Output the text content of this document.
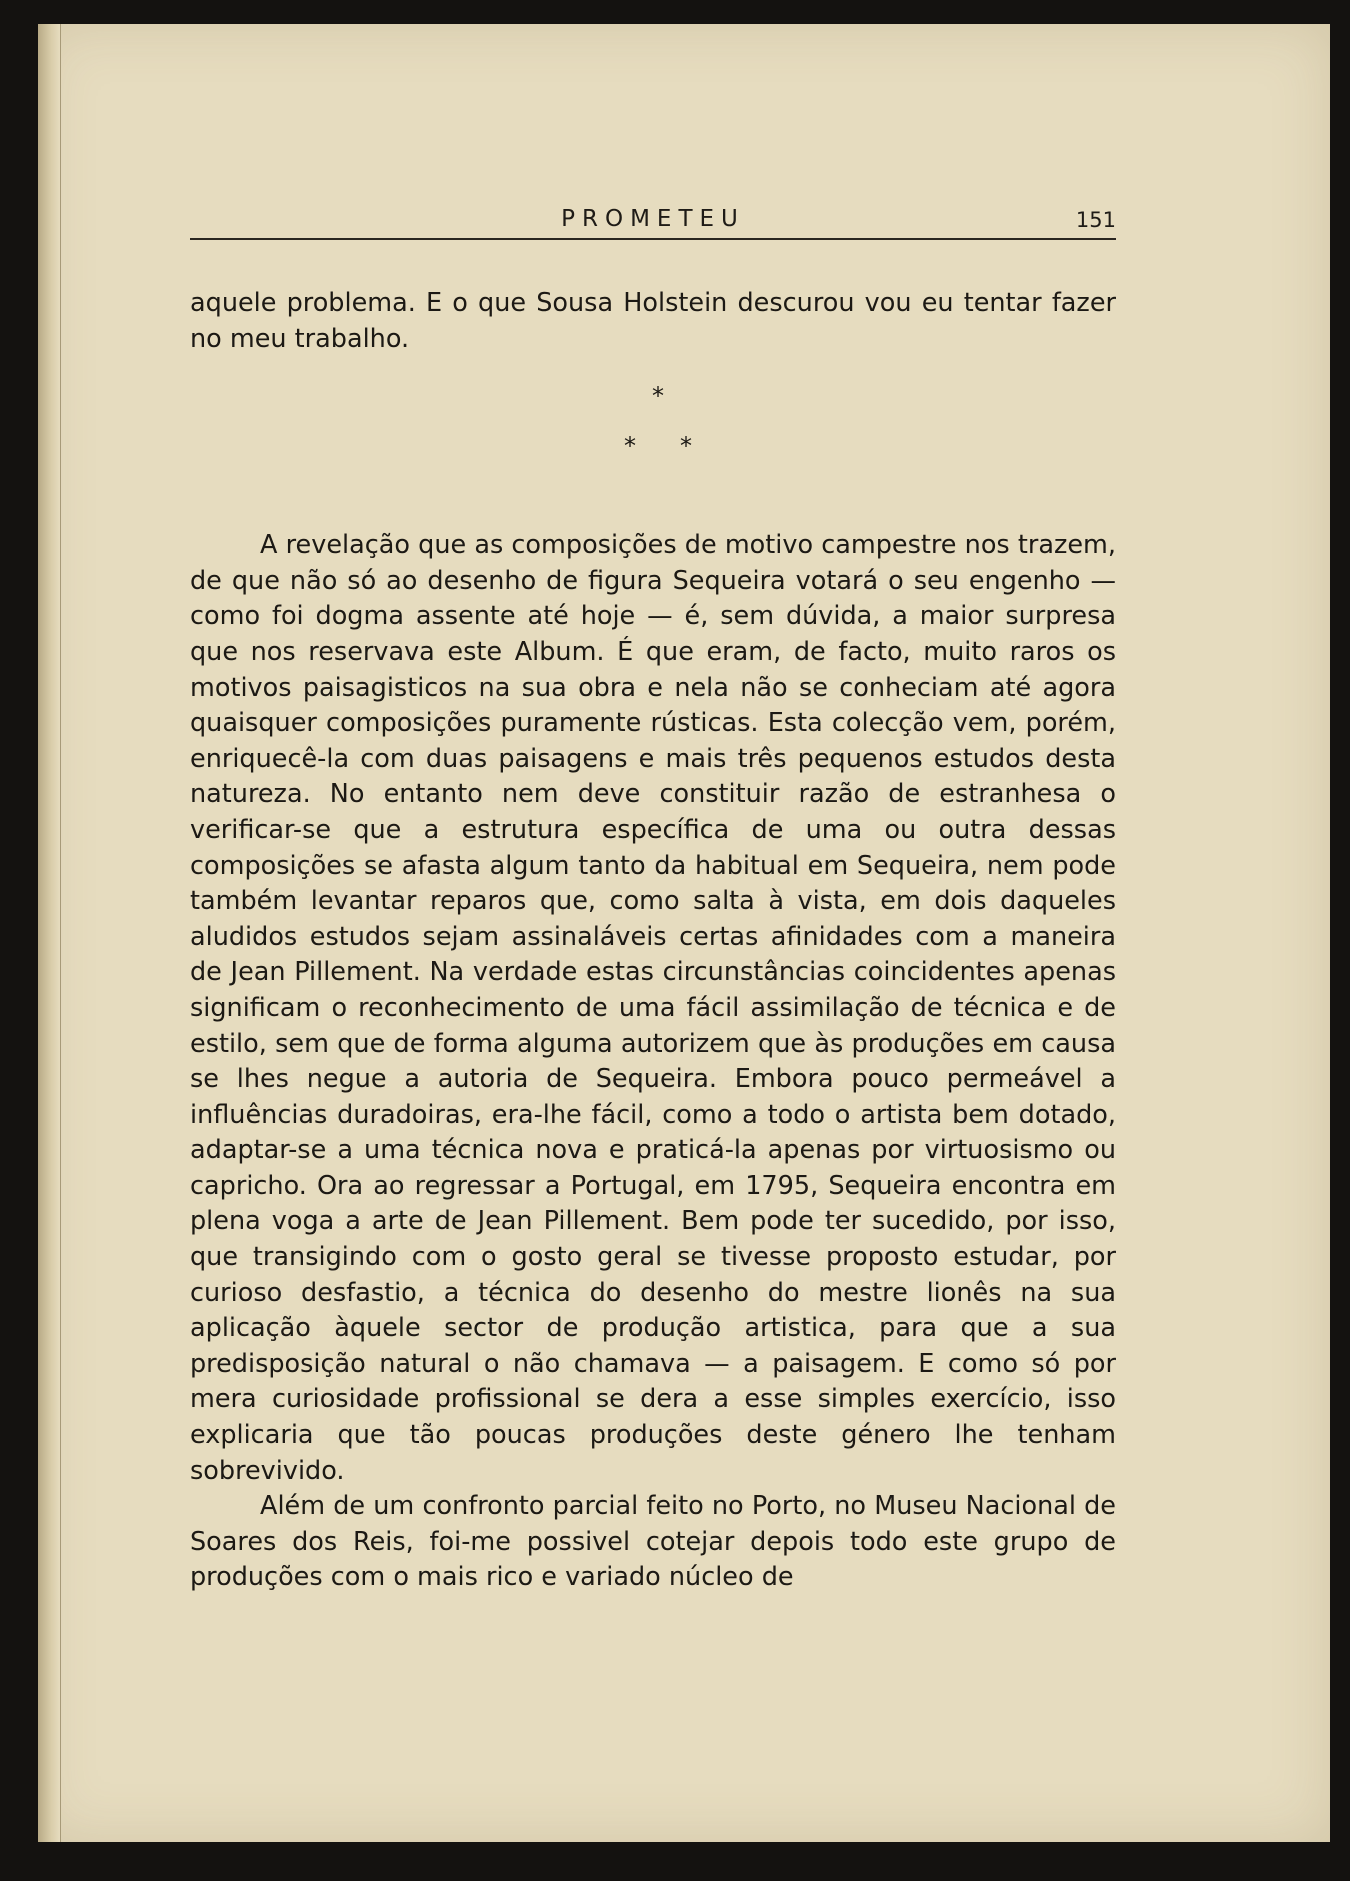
PROMETEU	151

aquele problema. E o que Sousa Holstein descurou vou eu tentar fazer no meu trabalho.

*
* *

A revelação que as composições de motivo campestre nos trazem, de que não só ao desenho de figura Sequeira votará o seu engenho — como foi dogma assente até hoje — é, sem dúvida, a maior surpresa que nos reservava este Album. É que eram, de facto, muito raros os motivos paisagisticos na sua obra e nela não se conheciam até agora quaisquer composições puramente rústicas. Esta colecção vem, porém, enriquecê-la com duas paisagens e mais três pequenos estudos desta natureza. No entanto nem deve constituir razão de estranhesa o verificar-se que a estrutura específica de uma ou outra dessas composições se afasta algum tanto da habitual em Sequeira, nem pode também levantar reparos que, como salta à vista, em dois daqueles aludidos estudos sejam assinaláveis certas afinidades com a maneira de Jean Pillement. Na verdade estas circunstâncias coincidentes apenas significam o reconhecimento de uma fácil assimilação de técnica e de estilo, sem que de forma alguma autorizem que às produções em causa se lhes negue a autoria de Sequeira. Embora pouco permeável a influências duradoiras, era-lhe fácil, como a todo o artista bem dotado, adaptar-se a uma técnica nova e praticá-la apenas por virtuosismo ou capricho. Ora ao regressar a Portugal, em 1795, Sequeira encontra em plena voga a arte de Jean Pillement. Bem pode ter sucedido, por isso, que transigindo com o gosto geral se tivesse proposto estudar, por curioso desfastio, a técnica do desenho do mestre lionês na sua aplicação àquele sector de produção artistica, para que a sua predisposição natural o não chamava — a paisagem. E como só por mera curiosidade profissional se dera a esse simples exercício, isso explicaria que tão poucas produções deste género lhe tenham sobrevivido.

Além de um confronto parcial feito no Porto, no Museu Nacional de Soares dos Reis, foi-me possivel cotejar depois todo este grupo de produções com o mais rico e variado núcleo de
